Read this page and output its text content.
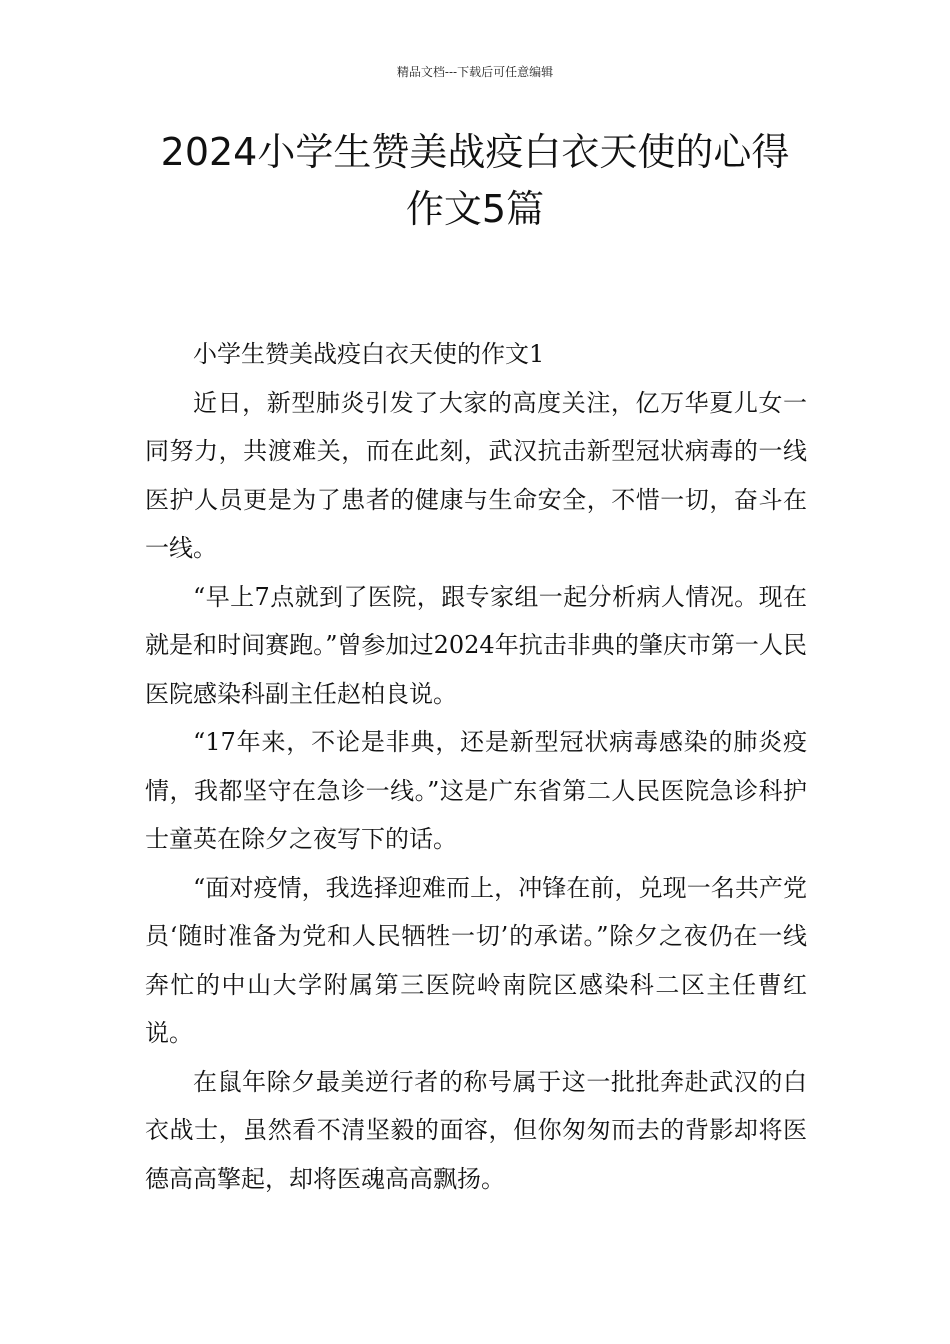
精品文档---下载后可任意编辑
2024小学生赞美战疫白衣天使的心得作文5篇

小学生赞美战疫白衣天使的作文1

近日，新型肺炎引发了大家的高度关注，亿万华夏儿女一同努力，共渡难关，而在此刻，武汉抗击新型冠状病毒的一线医护人员更是为了患者的健康与生命安全，不惜一切，奋斗在一线。

“早上7点就到了医院，跟专家组一起分析病人情况。现在就是和时间赛跑。”曾参加过2024年抗击非典的肇庆市第一人民医院感染科副主任赵柏良说。

“17年来，不论是非典，还是新型冠状病毒感染的肺炎疫情，我都坚守在急诊一线。”这是广东省第二人民医院急诊科护士童英在除夕之夜写下的话。

“面对疫情，我选择迎难而上，冲锋在前，兑现一名共产党员‘随时准备为党和人民牺牲一切’的承诺。”除夕之夜仍在一线奔忙的中山大学附属第三医院岭南院区感染科二区主任曹红说。

在鼠年除夕最美逆行者的称号属于这一批批奔赴武汉的白衣战士，虽然看不清坚毅的面容，但你匆匆而去的背影却将医德高高擎起，却将医魂高高飘扬。
